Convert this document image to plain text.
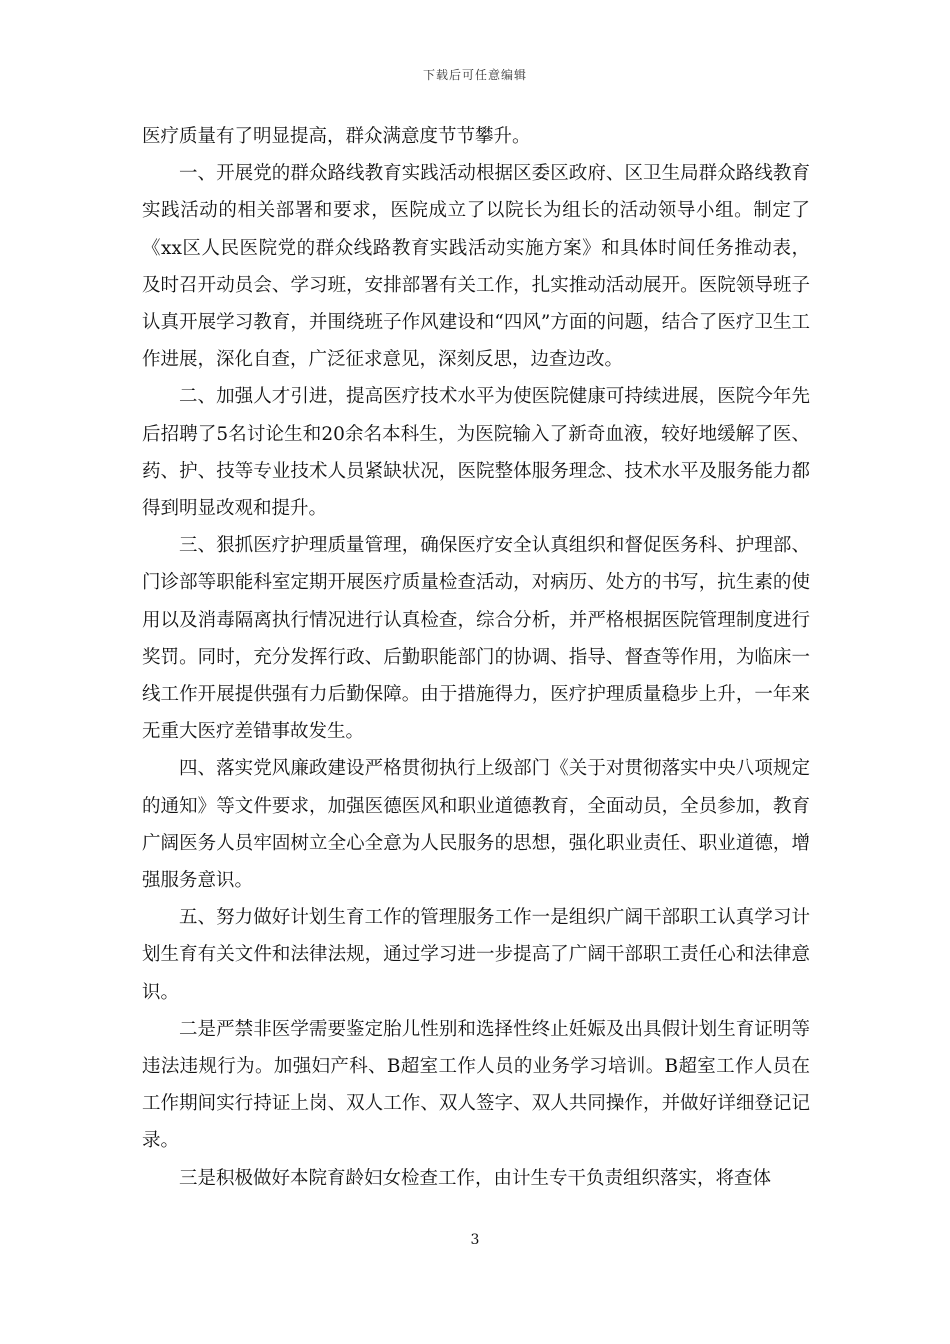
下载后可任意编辑

医疗质量有了明显提高，群众满意度节节攀升。

一、开展党的群众路线教育实践活动根据区委区政府、区卫生局群众路线教育实践活动的相关部署和要求，医院成立了以院长为组长的活动领导小组。制定了《xx区人民医院党的群众线路教育实践活动实施方案》和具体时间任务推动表，及时召开动员会、学习班，安排部署有关工作，扎实推动活动展开。医院领导班子认真开展学习教育，并围绕班子作风建设和“四风”方面的问题，结合了医疗卫生工作进展，深化自查，广泛征求意见，深刻反思，边查边改。

二、加强人才引进，提高医疗技术水平为使医院健康可持续进展，医院今年先后招聘了5名讨论生和20余名本科生，为医院输入了新奇血液，较好地缓解了医、药、护、技等专业技术人员紧缺状况，医院整体服务理念、技术水平及服务能力都得到明显改观和提升。

三、狠抓医疗护理质量管理，确保医疗安全认真组织和督促医务科、护理部、门诊部等职能科室定期开展医疗质量检查活动，对病历、处方的书写，抗生素的使用以及消毒隔离执行情况进行认真检查，综合分析，并严格根据医院管理制度进行奖罚。同时，充分发挥行政、后勤职能部门的协调、指导、督查等作用，为临床一线工作开展提供强有力后勤保障。由于措施得力，医疗护理质量稳步上升，一年来无重大医疗差错事故发生。

四、落实党风廉政建设严格贯彻执行上级部门《关于对贯彻落实中央八项规定的通知》等文件要求，加强医德医风和职业道德教育，全面动员，全员参加，教育广阔医务人员牢固树立全心全意为人民服务的思想，强化职业责任、职业道德，增强服务意识。

五、努力做好计划生育工作的管理服务工作一是组织广阔干部职工认真学习计划生育有关文件和法律法规，通过学习进一步提高了广阔干部职工责任心和法律意识。

二是严禁非医学需要鉴定胎儿性别和选择性终止妊娠及出具假计划生育证明等违法违规行为。加强妇产科、B超室工作人员的业务学习培训。B超室工作人员在工作期间实行持证上岗、双人工作、双人签字、双人共同操作，并做好详细登记记录。

三是积极做好本院育龄妇女检查工作，由计生专干负责组织落实，将查体

3
